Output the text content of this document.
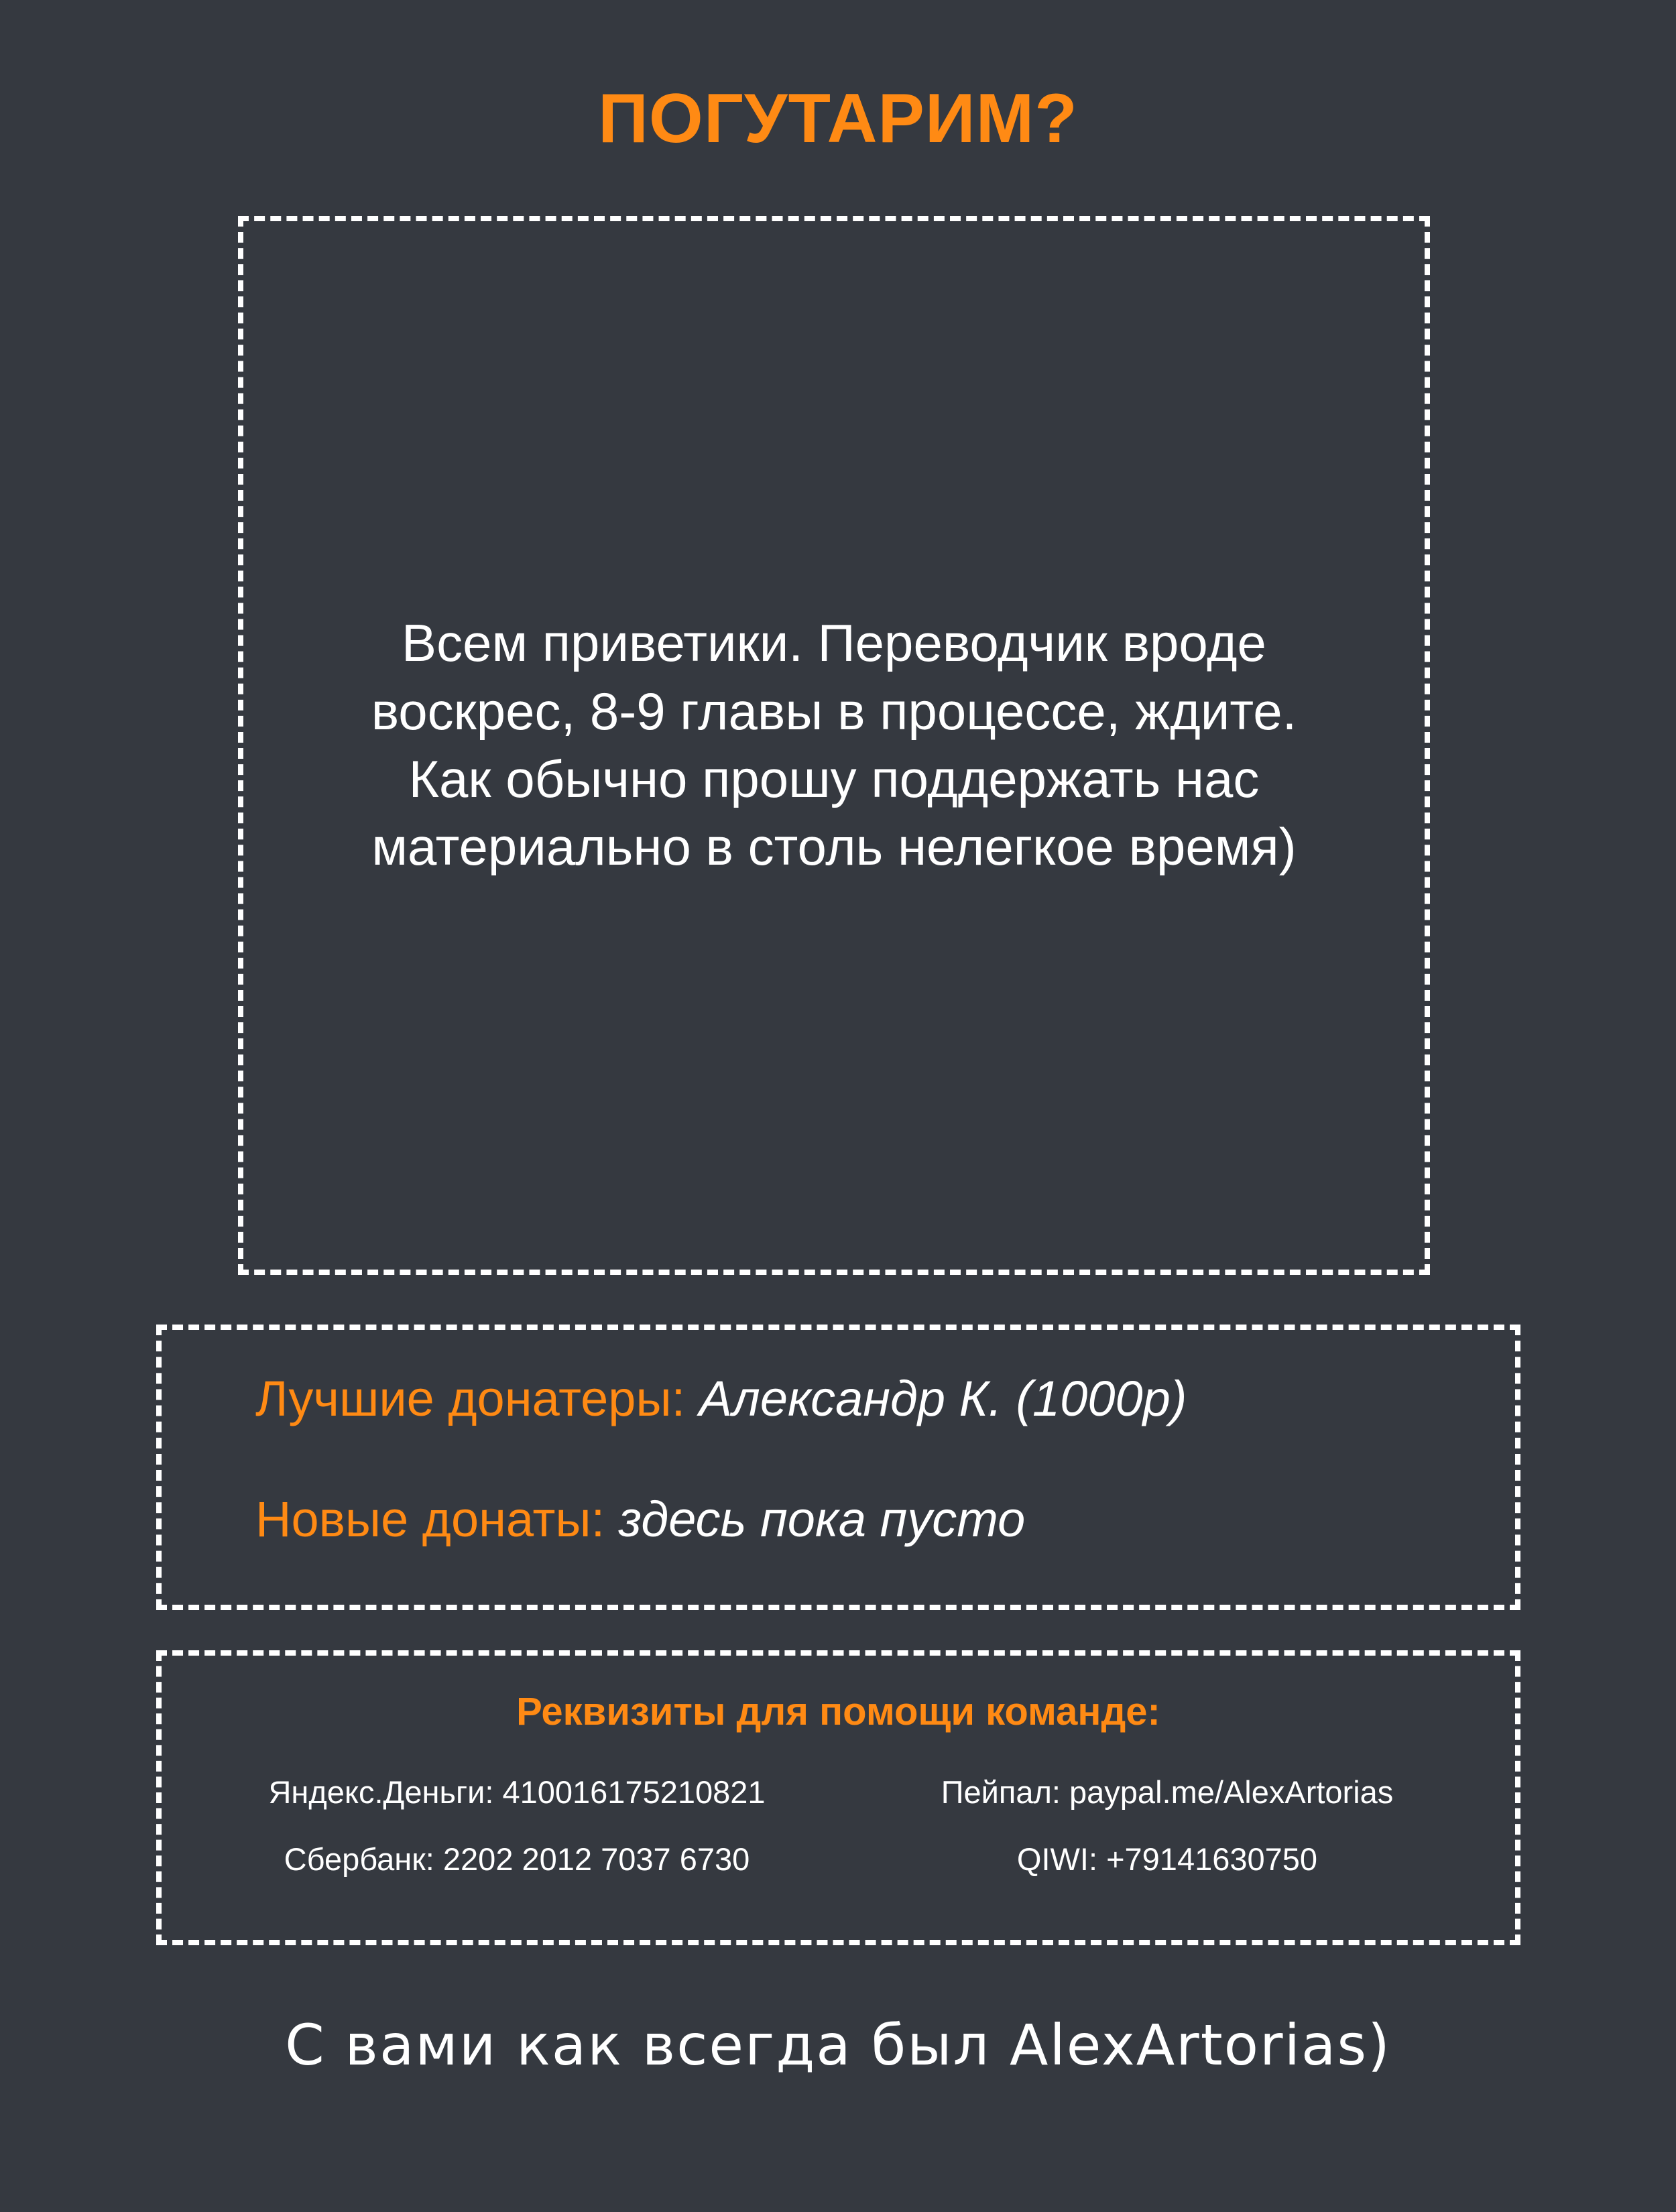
ПОГУТАРИМ?
Всем приветики. Переводчик вроде
воскрес, 8-9 главы в процессе, ждите.
Как обычно прошу поддержать нас
материально в столь нелегкое время)
Лучшие донатеры: Александр К. (1000р)
Новые донаты: здесь пока пусто
Реквизиты для помощи команде:
Яндекс.Деньги: 410016175210821	Пейпал: paypal.me/AlexArtorias
Сбербанк: 2202 2012 7037 6730	QIWI: +79141630750
С вами как всегда был AlexArtorias)
